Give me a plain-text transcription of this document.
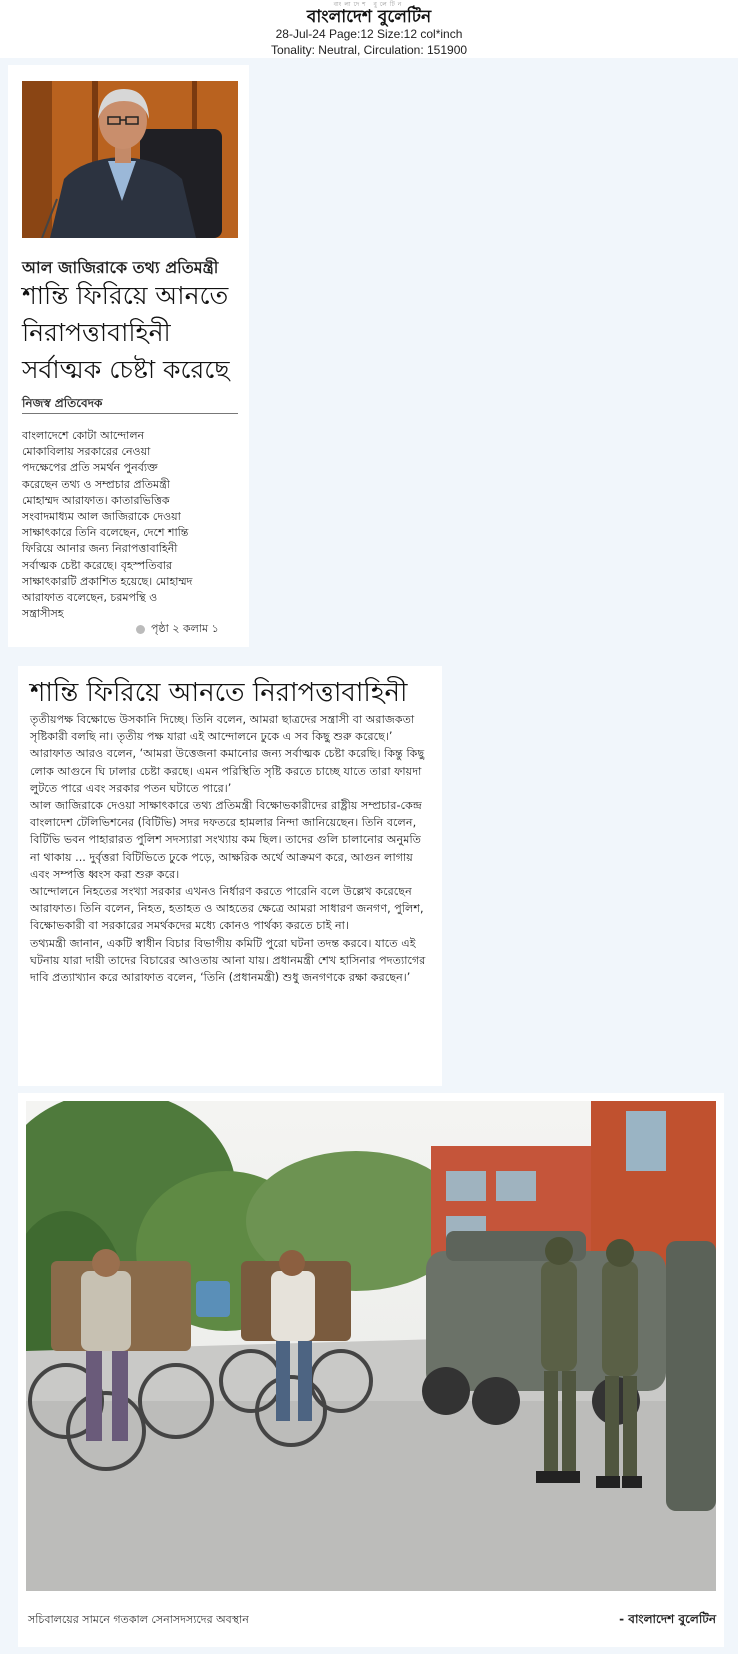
বাংলাদেশ বুলেটিন
বাংলাদেশ বুলেটিন
28-Jul-24 Page:12 Size:12 col*inch
Tonality: Neutral, Circulation: 151900
আল জাজিরাকে তথ্য প্রতিমন্ত্রী
শান্তি ফিরিয়ে আনতে
নিরাপত্তাবাহিনী
সর্বাত্মক চেষ্টা করেছে
নিজস্ব প্রতিবেদক
বাংলাদেশে কোটা আন্দোলন
মোকাবিলায় সরকারের নেওয়া
পদক্ষেপের প্রতি সমর্থন পুনর্ব্যক্ত
করেছেন তথ্য ও সম্প্রচার প্রতিমন্ত্রী
মোহাম্মদ আরাফাত। কাতারভিত্তিক
সংবাদমাধ্যম আল জাজিরাকে দেওয়া
সাক্ষাৎকারে তিনি বলেছেন, দেশে শান্তি
ফিরিয়ে আনার জন্য নিরাপত্তাবাহিনী
সর্বাত্মক চেষ্টা করেছে। বৃহস্পতিবার
সাক্ষাৎকারটি প্রকাশিত হয়েছে। মোহাম্মদ
আরাফাত বলেছেন, চরমপন্থি ও
সন্ত্রাসীসহ
পৃষ্ঠা ২ কলাম ১
শান্তি ফিরিয়ে আনতে নিরাপত্তাবাহিনী

তৃতীয়পক্ষ বিক্ষোভে উসকানি দিচ্ছে। তিনি বলেন, আমরা ছাত্রদের সন্ত্রাসী বা অরাজকতা সৃষ্টিকারী বলছি না। তৃতীয় পক্ষ যারা এই আন্দোলনে ঢুকে এ সব কিছু শুরু করেছে।’

আরাফাত আরও বলেন, ‘আমরা উত্তেজনা কমানোর জন্য সর্বাত্মক চেষ্টা করেছি। কিন্তু কিছু লোক আগুনে ঘি ঢালার চেষ্টা করছে। এমন পরিস্থিতি সৃষ্টি করতে চাচ্ছে যাতে তারা ফায়দা লুটতে পারে এবং সরকার পতন ঘটাতে পারে।’

আল জাজিরাকে দেওয়া সাক্ষাৎকারে তথ্য প্রতিমন্ত্রী বিক্ষোভকারীদের রাষ্ট্রীয় সম্প্রচার-কেন্দ্র বাংলাদেশ টেলিভিশনের (বিটিভি) সদর দফতরে হামলার নিন্দা জানিয়েছেন। তিনি বলেন, বিটিভি ভবন পাহারারত পুলিশ সদস্যারা সংখ্যায় কম ছিল। তাদের গুলি চালানোর অনুমতি না থাকায় ... দুর্বৃত্তরা বিটিভিতে ঢুকে পড়ে, আক্ষরিক অর্থে আক্রমণ করে, আগুন লাগায় এবং সম্পত্তি ধ্বংস করা শুরু করে।

আন্দোলনে নিহতের সংখ্যা সরকার এখনও নির্ধারণ করতে পারেনি বলে উল্লেখ করেছেন আরাফাত। তিনি বলেন, নিহত, হতাহত ও আহতের ক্ষেত্রে আমরা সাধারণ জনগণ, পুলিশ, বিক্ষোভকারী বা সরকারের সমর্থকদের মধ্যে কোনও পার্থক্য করতে চাই না।

তথ্যমন্ত্রী জানান, একটি স্বাধীন বিচার বিভাগীয় কমিটি পুরো ঘটনা তদন্ত করবে। যাতে এই ঘটনায় যারা দায়ী তাদের বিচারের আওতায় আনা যায়। প্রধানমন্ত্রী শেখ হাসিনার পদত্যাগের দাবি প্রত্যাখ্যান করে আরাফাত বলেন, ‘তিনি (প্রধানমন্ত্রী) শুধু জনগণকে রক্ষা করছেন।’

সচিবালয়ের সামনে গতকাল সেনাসদস্যদের অবস্থান	- বাংলাদেশ বুলেটিন
